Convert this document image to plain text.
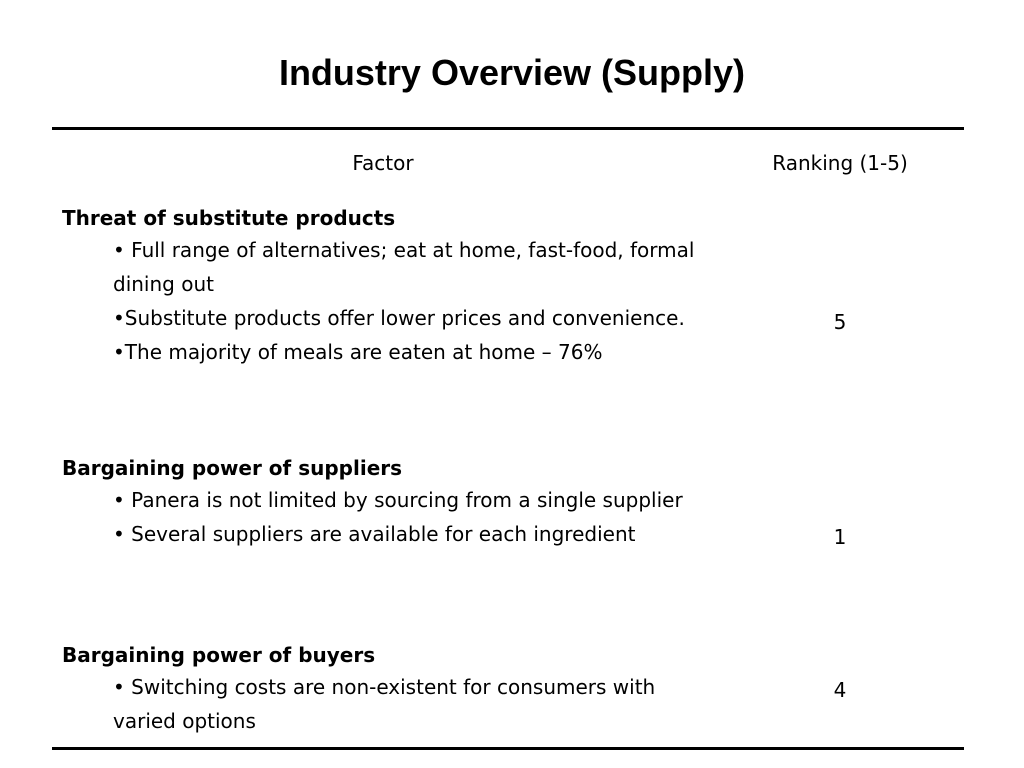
Industry Overview (Supply)
Factor	Ranking (1-5)
Threat of substitute products
• Full range of alternatives; eat at home, fast-food, formal dining out
•Substitute products offer lower prices and convenience.
•The majority of meals are eaten at home – 76%
5
Bargaining power of suppliers
• Panera is not limited by sourcing from a single supplier
• Several suppliers are available for each ingredient	1
Bargaining power of buyers
• Switching costs are non-existent for consumers with varied options
4
